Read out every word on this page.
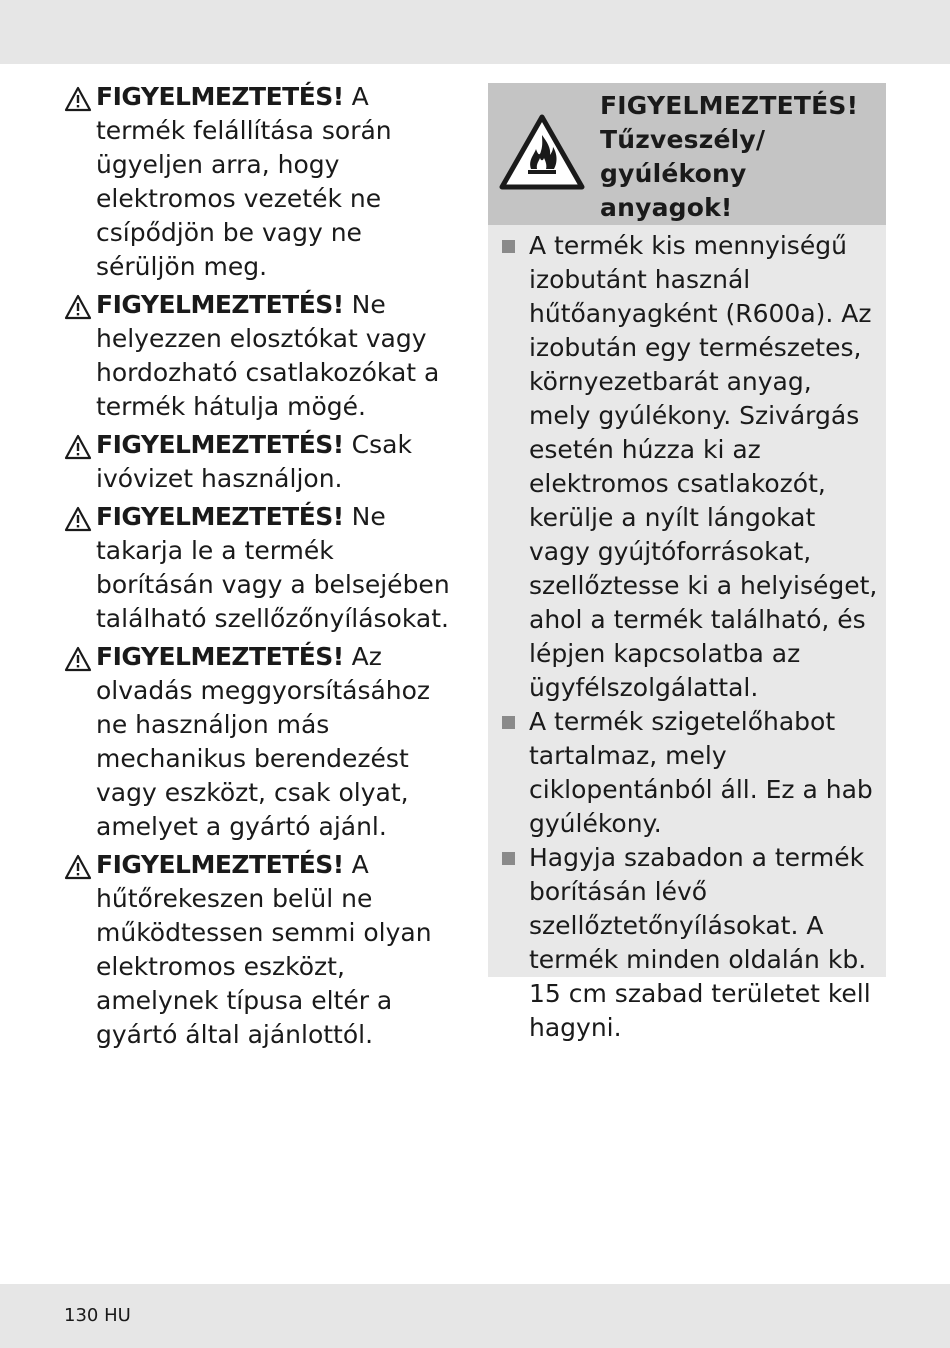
FIGYELMEZTETÉS! A termék felállítása során ügyeljen arra, hogy elektromos vezeték ne csípődjön be vagy ne sérüljön meg.
FIGYELMEZTETÉS! Ne helyezzen elosztókat vagy hordozható csatlakozókat a termék hátulja mögé.
FIGYELMEZTETÉS! Csak ivóvizet használjon.
FIGYELMEZTETÉS! Ne takarja le a termék borításán vagy a belsejében található szellőzőnyílásokat.
FIGYELMEZTETÉS! Az olvadás meggyorsításához ne használjon más mechanikus berendezést vagy eszközt, csak olyat, amelyet a gyártó ajánl.
FIGYELMEZTETÉS! A hűtőrekeszen belül ne működtessen semmi olyan elektromos eszközt, amelynek típusa eltér a gyártó által ajánlottól.
FIGYELMEZTETÉS!
Tűzveszély/
gyúlékony
anyagok!
A termék kis mennyiségű izobutánt használ hűtőanyagként (R600a). Az izobután egy természetes, környezetbarát anyag, mely gyúlékony. Szivárgás esetén húzza ki az elektromos csatlakozót, kerülje a nyílt lángokat vagy gyújtóforrásokat, szellőztesse ki a helyiséget, ahol a termék található, és lépjen kapcsolatba az ügyfélszolgálattal.
A termék szigetelőhabot tartalmaz, mely ciklopentánból áll. Ez a hab gyúlékony.
Hagyja szabadon a termék borításán lévő szellőztetőnyílásokat. A termék minden oldalán kb. 15 cm szabad területet kell hagyni.
130 HU
